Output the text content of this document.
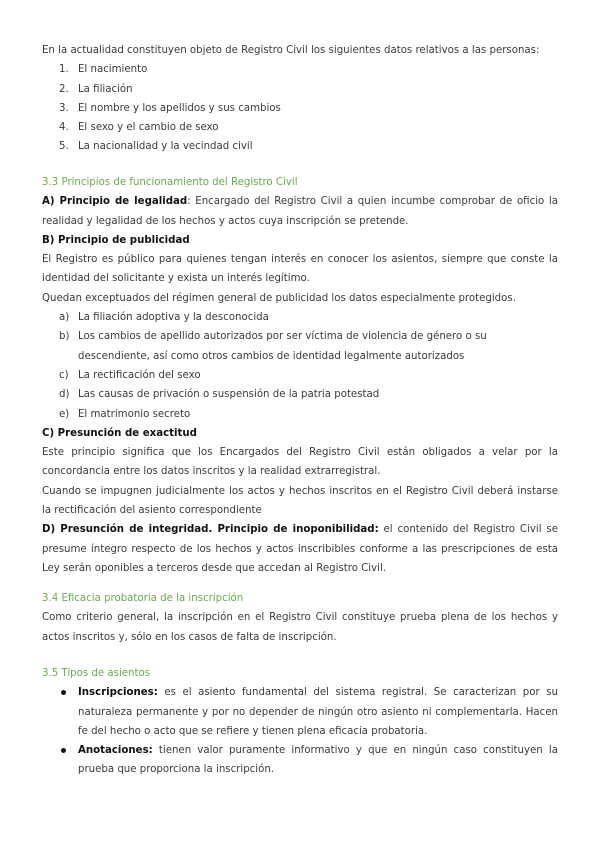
En la actualidad constituyen objeto de Registro Civil los siguientes datos relativos a las personas:

1. El nacimiento
2. La filiación
3. El nombre y los apellidos y sus cambios
4. El sexo y el cambio de sexo
5. La nacionalidad y la vecindad civil

3.3 Principios de funcionamiento del Registro Civil

A) Principio de legalidad: Encargado del Registro Civil a quien incumbe comprobar de oficio la realidad y legalidad de los hechos y actos cuya inscripción se pretende.

B) Principio de publicidad

El Registro es público para quienes tengan interés en conocer los asientos, siempre que conste la identidad del solicitante y exista un interés legítimo.

Quedan exceptuados del régimen general de publicidad los datos especialmente protegidos.

a) La filiación adoptiva y la desconocida
b) Los cambios de apellido autorizados por ser víctima de violencia de género o su descendiente, así como otros cambios de identidad legalmente autorizados
c) La rectificación del sexo
d) Las causas de privación o suspensión de la patria potestad
e) El matrimonio secreto

C) Presunción de exactitud

Este principio significa que los Encargados del Registro Civil están obligados a velar por la concordancia entre los datos inscritos y la realidad extrarregistral.

Cuando se impugnen judicialmente los actos y hechos inscritos en el Registro Civil deberá instarse la rectificación del asiento correspondiente

D) Presunción de integridad. Principio de inoponibilidad: el contenido del Registro Civil se presume íntegro respecto de los hechos y actos inscribibles conforme a las prescripciones de esta Ley serán oponibles a terceros desde que accedan al Registro Civil.

3.4 Eficacia probatoria de la inscripción

Como criterio general, la inscripción en el Registro Civil constituye prueba plena de los hechos y actos inscritos y, sólo en los casos de falta de inscripción.

3.5 Tipos de asientos

Inscripciones: es el asiento fundamental del sistema registral. Se caracterizan por su naturaleza permanente y por no depender de ningún otro asiento ni complementarla. Hacen fe del hecho o acto que se refiere y tienen plena eficacia probatoria.
Anotaciones: tienen valor puramente informativo y que en ningún caso constituyen la prueba que proporciona la inscripción.
